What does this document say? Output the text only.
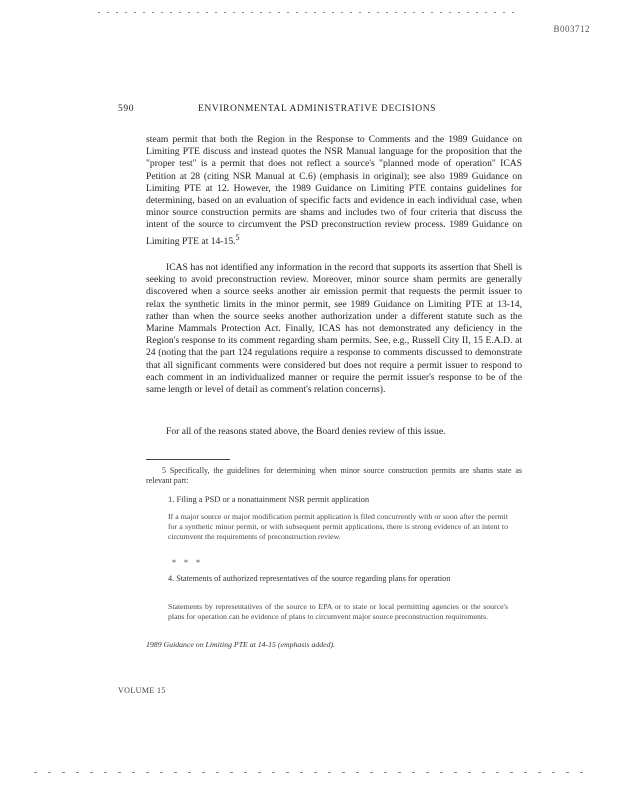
B003712
590	ENVIRONMENTAL ADMINISTRATIVE DECISIONS

steam permit that both the Region in the Response to Comments and the 1989 Guidance on Limiting PTE discuss and instead quotes the NSR Manual language for the proposition that the "proper test" is a permit that does not reflect a source's "planned mode of operation" ICAS Petition at 28 (citing NSR Manual at C.6) (emphasis in original); see also 1989 Guidance on Limiting PTE at 12. However, the 1989 Guidance on Limiting PTE contains guidelines for determining, based on an evaluation of specific facts and evidence in each individual case, when minor source construction permits are shams and includes two of four criteria that discuss the intent of the source to circumvent the PSD preconstruction review process. 1989 Guidance on Limiting PTE at 14-15.$^5$

ICAS has not identified any information in the record that supports its assertion that Shell is seeking to avoid preconstruction review. Moreover, minor source sham permits are generally discovered when a source seeks another air emission permit that requests the permit issuer to relax the synthetic limits in the minor permit, see 1989 Guidance on Limiting PTE at 13-14, rather than when the source seeks another authorization under a different statute such as the Marine Mammals Protection Act. Finally, ICAS has not demonstrated any deficiency in the Region's response to its comment regarding sham permits. See, e.g., Russell City II, 15 E.A.D. at 24 (noting that the part 124 regulations require a response to comments discussed to demonstrate that all significant comments were considered but does not require a permit issuer to respond to each comment in an individualized manner or require the permit issuer's response to be of the same length or level of detail as comment's relation concerns).

For all of the reasons stated above, the Board denies review of this issue.

5 Specifically, the guidelines for determining when minor source construction permits are shams state as relevant part:
1. Filing a PSD or a nonattainment NSR permit application
If a major source or major modification permit application is filed concurrently with or soon after the permit for a synthetic minor permit, or with subsequent permit applications, there is strong evidence of an intent to circumvent the requirements of preconstruction review.
* * *
4. Statements of authorized representatives of the source regarding plans for operation
Statements by representatives of the source to EPA or to state or local permitting agencies or the source's plans for operation can be evidence of plans to circumvent major source preconstruction requirements.
1989 Guidance on Limiting PTE at 14-15 (emphasis added).
VOLUME 15
